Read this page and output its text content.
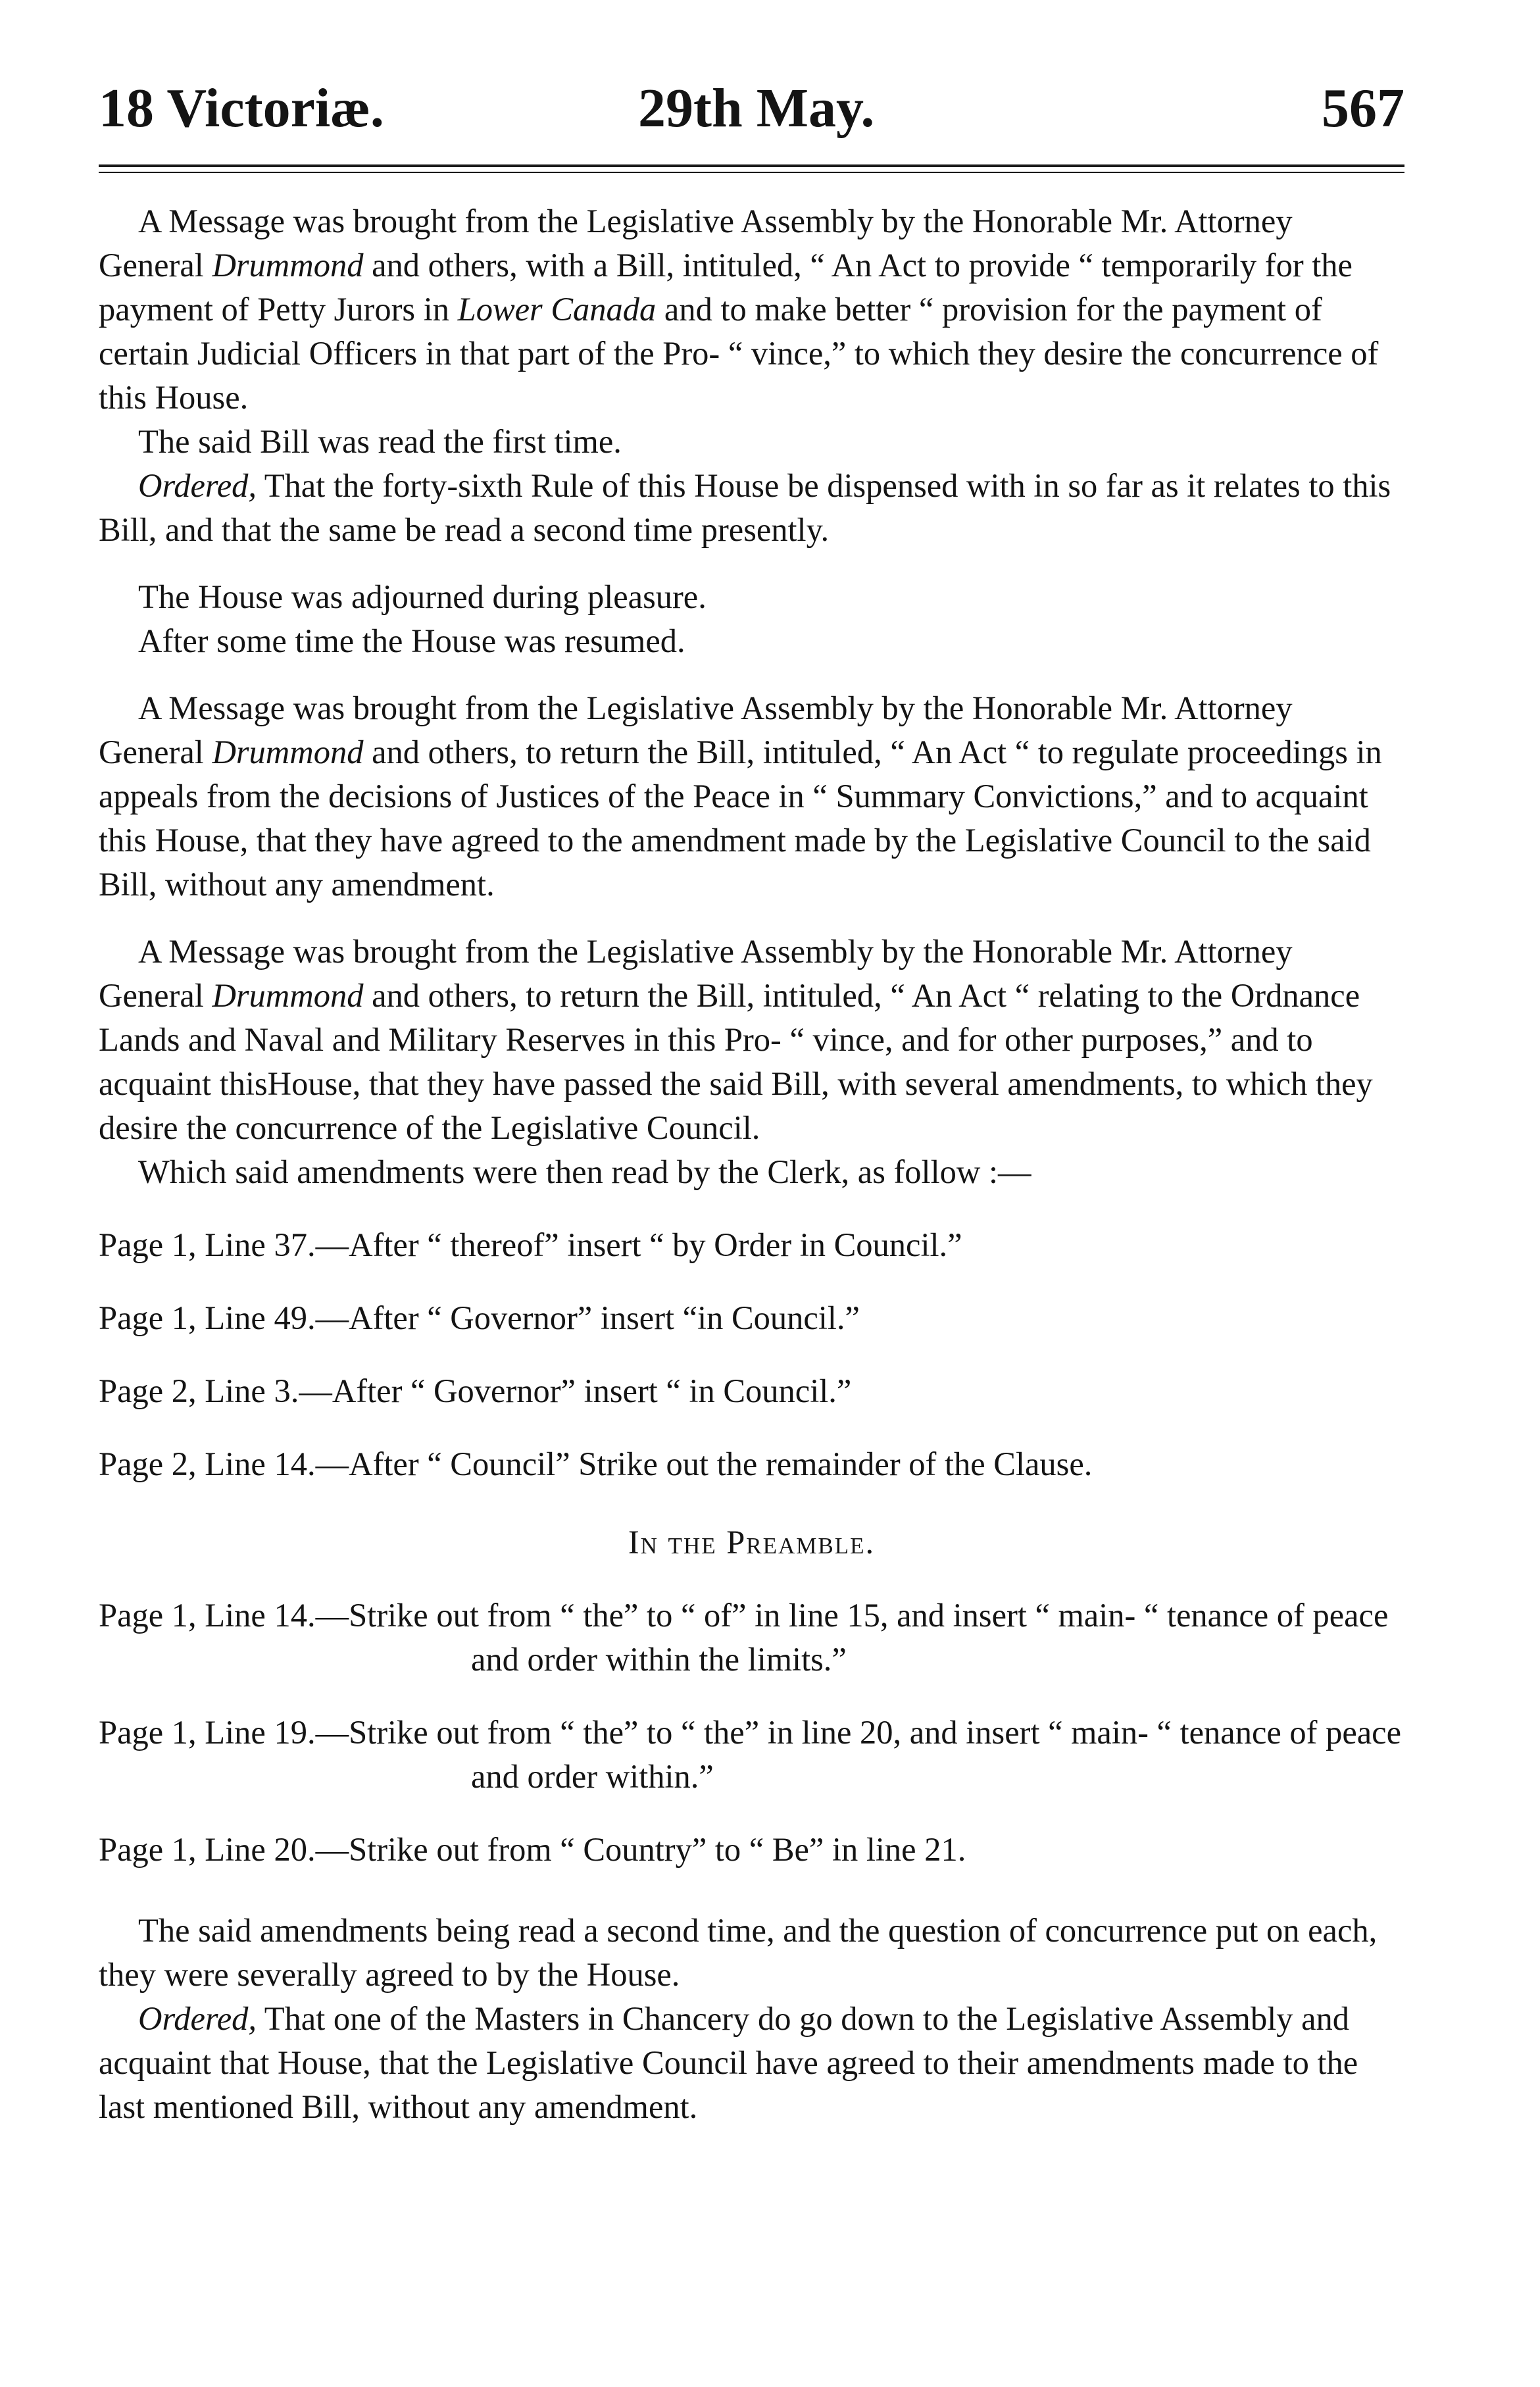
18 Victoriæ.	29th May.	567

A Message was brought from the Legislative Assembly by the Honorable Mr. Attorney General Drummond and others, with a Bill, intituled, “ An Act to provide “ temporarily for the payment of Petty Jurors in Lower Canada and to make better “ provision for the payment of certain Judicial Officers in that part of the Pro- “ vince,” to which they desire the concurrence of this House.

The said Bill was read the first time.

Ordered, That the forty-sixth Rule of this House be dispensed with in so far as it relates to this Bill, and that the same be read a second time presently.

The House was adjourned during pleasure.

After some time the House was resumed.

A Message was brought from the Legislative Assembly by the Honorable Mr. Attorney General Drummond and others, to return the Bill, intituled, “ An Act “ to regulate proceedings in appeals from the decisions of Justices of the Peace in “ Summary Convictions,” and to acquaint this House, that they have agreed to the amendment made by the Legislative Council to the said Bill, without any amendment.

A Message was brought from the Legislative Assembly by the Honorable Mr. Attorney General Drummond and others, to return the Bill, intituled, “ An Act “ relating to the Ordnance Lands and Naval and Military Reserves in this Pro- “ vince, and for other purposes,” and to acquaint thisHouse, that they have passed the said Bill, with several amendments, to which they desire the concurrence of the Legislative Council.

Which said amendments were then read by the Clerk, as follow :—

Page 1, Line 37.—After “ thereof” insert “ by Order in Council.”

Page 1, Line 49.—After “ Governor” insert “in Council.”

Page 2, Line 3.—After “ Governor” insert “ in Council.”

Page 2, Line 14.—After “ Council” Strike out the remainder of the Clause.

In the Preamble.

Page 1, Line 14.—Strike out from “ the” to “ of” in line 15, and insert “ main- “ tenance of peace and order within the limits.”

Page 1, Line 19.—Strike out from “ the” to “ the” in line 20, and insert “ main- “ tenance of peace and order within.”

Page 1, Line 20.—Strike out from “ Country” to “ Be” in line 21.

The said amendments being read a second time, and the question of concurrence put on each, they were severally agreed to by the House.

Ordered, That one of the Masters in Chancery do go down to the Legislative Assembly and acquaint that House, that the Legislative Council have agreed to their amendments made to the last mentioned Bill, without any amendment.
